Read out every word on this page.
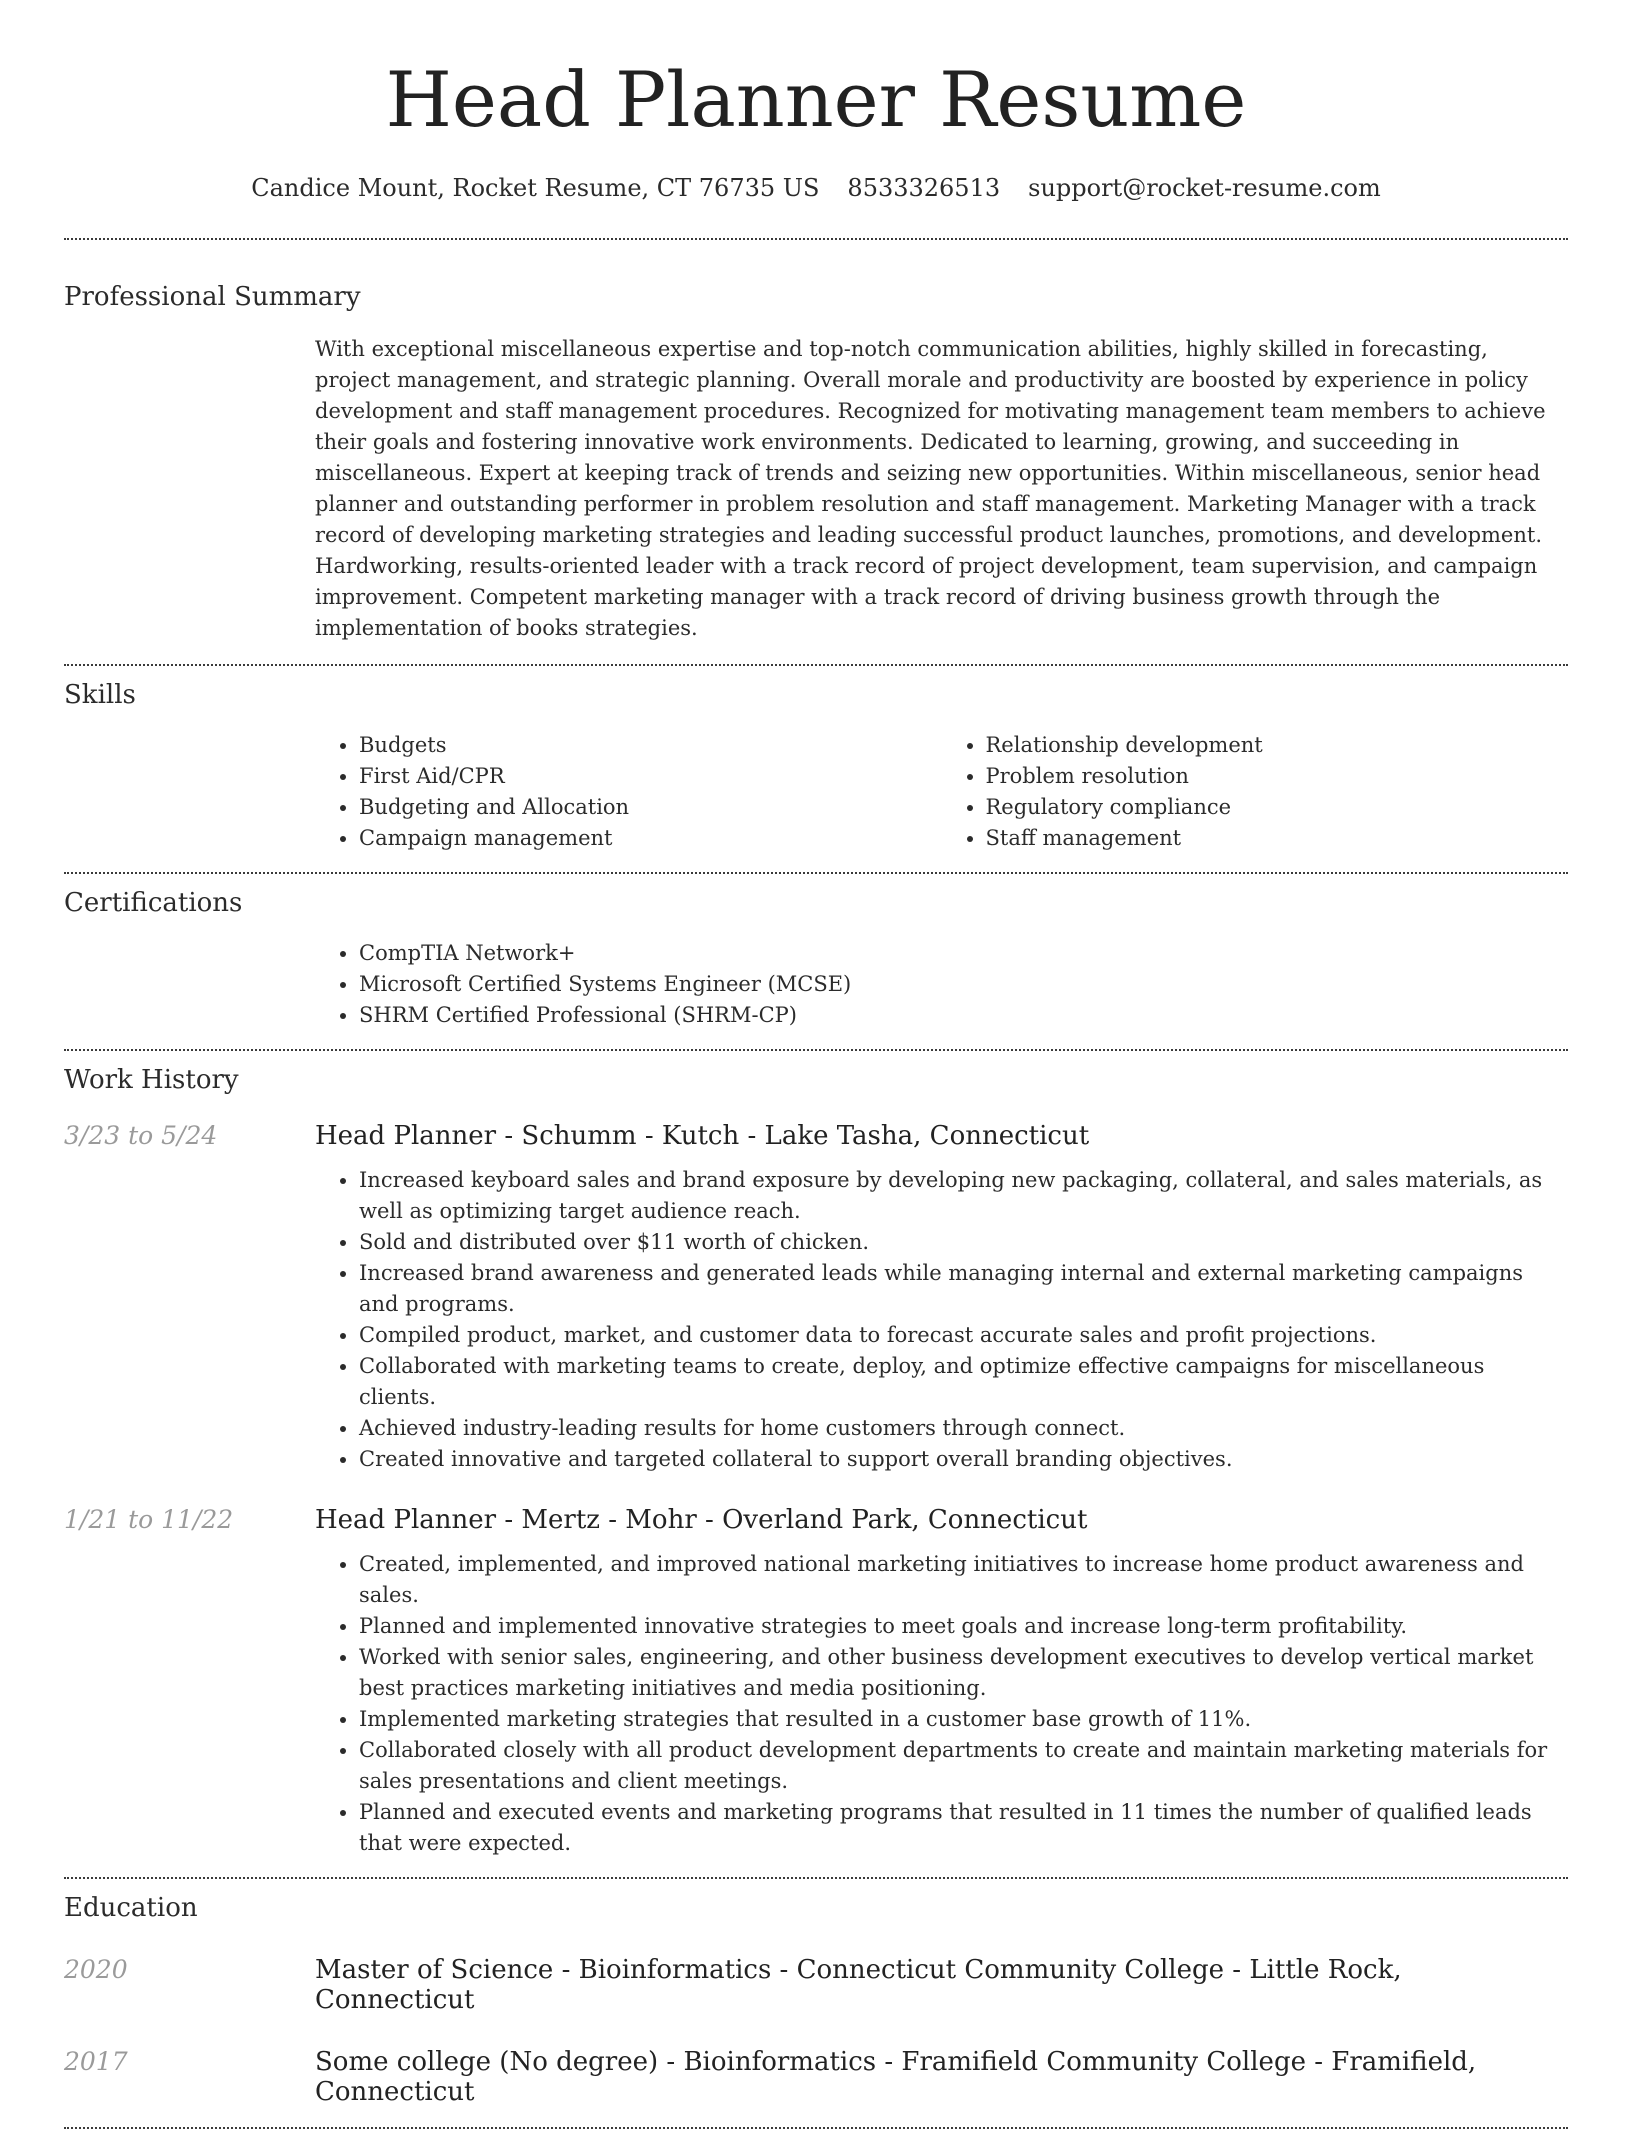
Head Planner Resume
Candice Mount, Rocket Resume, CT 76735 US 8533326513 support@rocket-resume.com
Professional Summary
With exceptional miscellaneous expertise and top-notch communication abilities, highly skilled in forecasting, project management, and strategic planning. Overall morale and productivity are boosted by experience in policy development and staff management procedures. Recognized for motivating management team members to achieve their goals and fostering innovative work environments. Dedicated to learning, growing, and succeeding in miscellaneous. Expert at keeping track of trends and seizing new opportunities. Within miscellaneous, senior head planner and outstanding performer in problem resolution and staff management. Marketing Manager with a track record of developing marketing strategies and leading successful product launches, promotions, and development. Hardworking, results-oriented leader with a track record of project development, team supervision, and campaign improvement. Competent marketing manager with a track record of driving business growth through the implementation of books strategies.
Skills
• Budgets
• First Aid/CPR
• Budgeting and Allocation
• Campaign management
• Relationship development
• Problem resolution
• Regulatory compliance
• Staff management
Certifications
• CompTIA Network+
• Microsoft Certified Systems Engineer (MCSE)
• SHRM Certified Professional (SHRM-CP)
Work History
3/23 to 5/24	Head Planner - Schumm - Kutch - Lake Tasha, Connecticut
• Increased keyboard sales and brand exposure by developing new packaging, collateral, and sales materials, as well as optimizing target audience reach.
• Sold and distributed over $11 worth of chicken.
• Increased brand awareness and generated leads while managing internal and external marketing campaigns and programs.
• Compiled product, market, and customer data to forecast accurate sales and profit projections.
• Collaborated with marketing teams to create, deploy, and optimize effective campaigns for miscellaneous clients.
• Achieved industry-leading results for home customers through connect.
• Created innovative and targeted collateral to support overall branding objectives.
1/21 to 11/22	Head Planner - Mertz - Mohr - Overland Park, Connecticut
• Created, implemented, and improved national marketing initiatives to increase home product awareness and sales.
• Planned and implemented innovative strategies to meet goals and increase long-term profitability.
• Worked with senior sales, engineering, and other business development executives to develop vertical market best practices marketing initiatives and media positioning.
• Implemented marketing strategies that resulted in a customer base growth of 11%.
• Collaborated closely with all product development departments to create and maintain marketing materials for sales presentations and client meetings.
• Planned and executed events and marketing programs that resulted in 11 times the number of qualified leads that were expected.
Education
2020	Master of Science - Bioinformatics - Connecticut Community College - Little Rock, Connecticut
2017	Some college (No degree) - Bioinformatics - Framifield Community College - Framifield, Connecticut
